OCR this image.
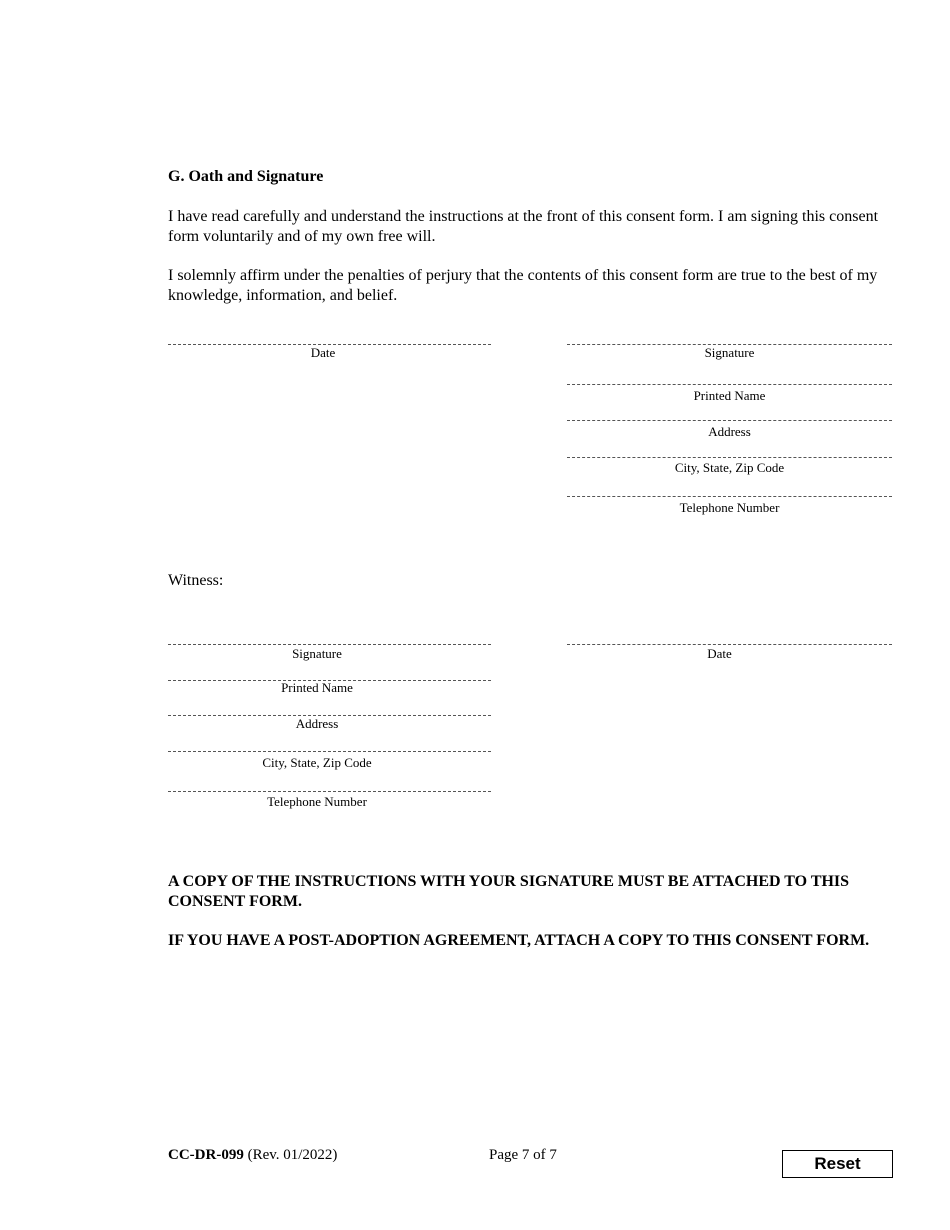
G. Oath and Signature
I have read carefully and understand the instructions at the front of this consent form. I am signing this consent form voluntarily and of my own free will.
I solemnly affirm under the penalties of perjury that the contents of this consent form are true to the best of my knowledge, information, and belief.
Date	Signature
Printed Name
Address
City, State, Zip Code
Telephone Number
Witness:
Signature
Printed Name
Address
City, State, Zip Code
Telephone Number
Date
A COPY OF THE INSTRUCTIONS WITH YOUR SIGNATURE MUST BE ATTACHED TO THIS CONSENT FORM.
IF YOU HAVE A POST-ADOPTION AGREEMENT, ATTACH A COPY TO THIS CONSENT FORM.
CC-DR-099 (Rev. 01/2022)	Page 7 of 7	Reset
